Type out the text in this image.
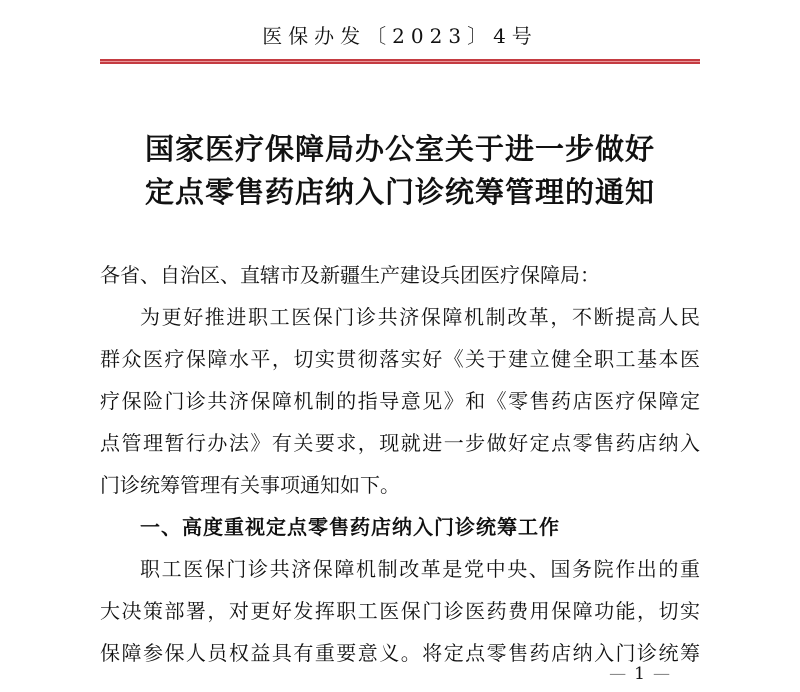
医保办发〔2023〕4号
国家医疗保障局办公室关于进一步做好
定点零售药店纳入门诊统筹管理的通知
各省、自治区、直辖市及新疆生产建设兵团医疗保障局：
为更好推进职工医保门诊共济保障机制改革，不断提高人民
群众医疗保障水平，切实贯彻落实好《关于建立健全职工基本医
疗保险门诊共济保障机制的指导意见》和《零售药店医疗保障定
点管理暂行办法》有关要求，现就进一步做好定点零售药店纳入
门诊统筹管理有关事项通知如下。
一、高度重视定点零售药店纳入门诊统筹工作
职工医保门诊共济保障机制改革是党中央、国务院作出的重
大决策部署，对更好发挥职工医保门诊医药费用保障功能，切实
保障参保人员权益具有重要意义。将定点零售药店纳入门诊统筹
— 1 —
